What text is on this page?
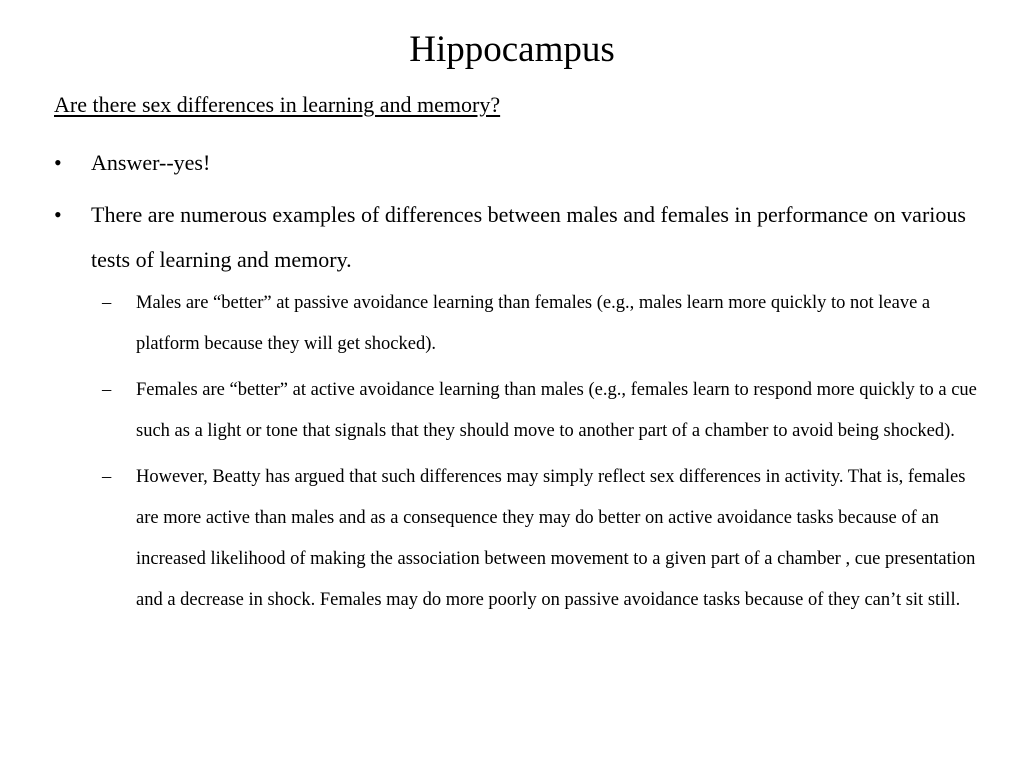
Hippocampus
Are there sex differences in learning and memory?
•	Answer--yes!
•	There are numerous examples of differences between males and females in performance on various tests of learning and memory.
–	Males are “better” at passive avoidance learning than females (e.g., males learn more quickly to not leave a platform because they will get shocked).
–	Females are “better” at active avoidance learning than males (e.g., females learn to respond more quickly to a cue such as a light or tone that signals that they should move to another part of a chamber to avoid being shocked).
–	However, Beatty has argued that such differences may simply reflect sex differences in activity. That is, females are more active than males and as a consequence they may do better on active avoidance tasks because of an increased likelihood of making the association between movement to a given part of a chamber , cue presentation and a decrease in shock. Females may do more poorly on passive avoidance tasks because of they can’t sit still.
